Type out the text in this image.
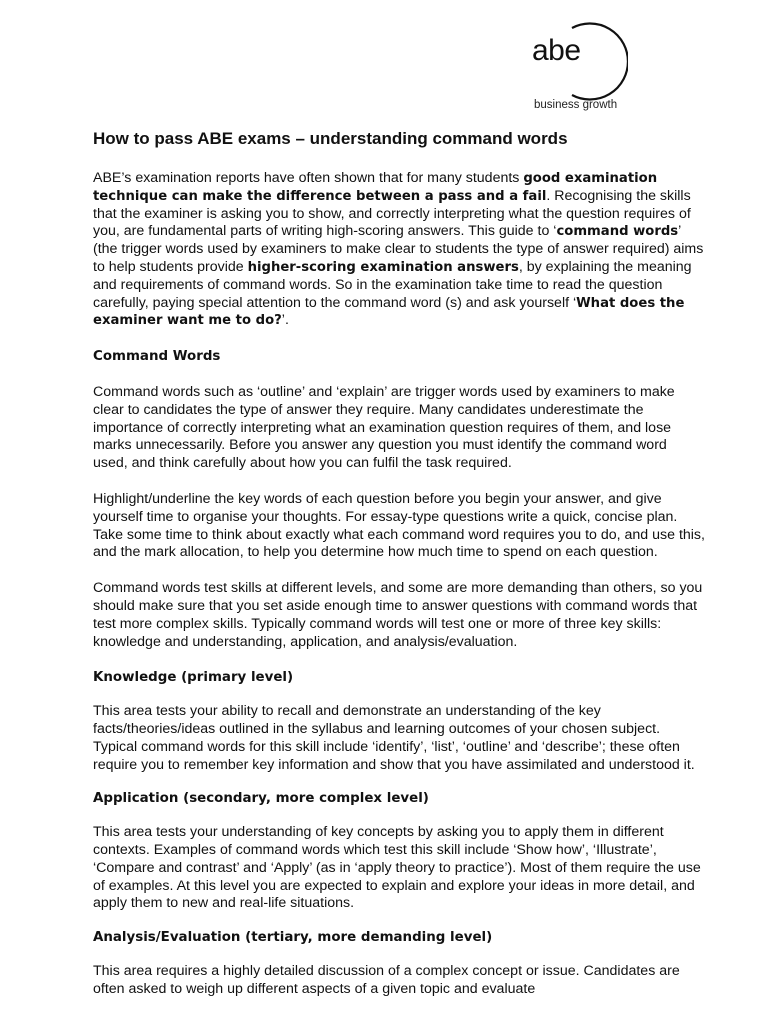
abe
business growth
How to pass ABE exams – understanding command words

ABE’s examination reports have often shown that for many students good examination technique can make the difference between a pass and a fail. Recognising the skills that the examiner is asking you to show, and correctly interpreting what the question requires of you, are fundamental parts of writing high-scoring answers. This guide to ‘command words’ (the trigger words used by examiners to make clear to students the type of answer required) aims to help students provide higher-scoring examination answers, by explaining the meaning and requirements of command words. So in the examination take time to read the question carefully, paying special attention to the command word (s) and ask yourself ‘What does the examiner want me to do?’.

Command Words

Command words such as ‘outline’ and ‘explain’ are trigger words used by examiners to make clear to candidates the type of answer they require. Many candidates underestimate the importance of correctly interpreting what an examination question requires of them, and lose marks unnecessarily. Before you answer any question you must identify the command word used, and think carefully about how you can fulfil the task required.

Highlight/underline the key words of each question before you begin your answer, and give yourself time to organise your thoughts. For essay-type questions write a quick, concise plan. Take some time to think about exactly what each command word requires you to do, and use this, and the mark allocation, to help you determine how much time to spend on each question.

Command words test skills at different levels, and some are more demanding than others, so you should make sure that you set aside enough time to answer questions with command words that test more complex skills. Typically command words will test one or more of three key skills: knowledge and understanding, application, and analysis/evaluation.

Knowledge (primary level)

This area tests your ability to recall and demonstrate an understanding of the key facts/theories/ideas outlined in the syllabus and learning outcomes of your chosen subject. Typical command words for this skill include ‘identify’, ‘list’, ‘outline’ and ‘describe’; these often require you to remember key information and show that you have assimilated and understood it.

Application (secondary, more complex level)

This area tests your understanding of key concepts by asking you to apply them in different contexts. Examples of command words which test this skill include ‘Show how’, ‘Illustrate’, ‘Compare and contrast’ and ‘Apply’ (as in ‘apply theory to practice’). Most of them require the use of examples. At this level you are expected to explain and explore your ideas in more detail, and apply them to new and real-life situations.

Analysis/Evaluation (tertiary, more demanding level)

This area requires a highly detailed discussion of a complex concept or issue. Candidates are often asked to weigh up different aspects of a given topic and evaluate
